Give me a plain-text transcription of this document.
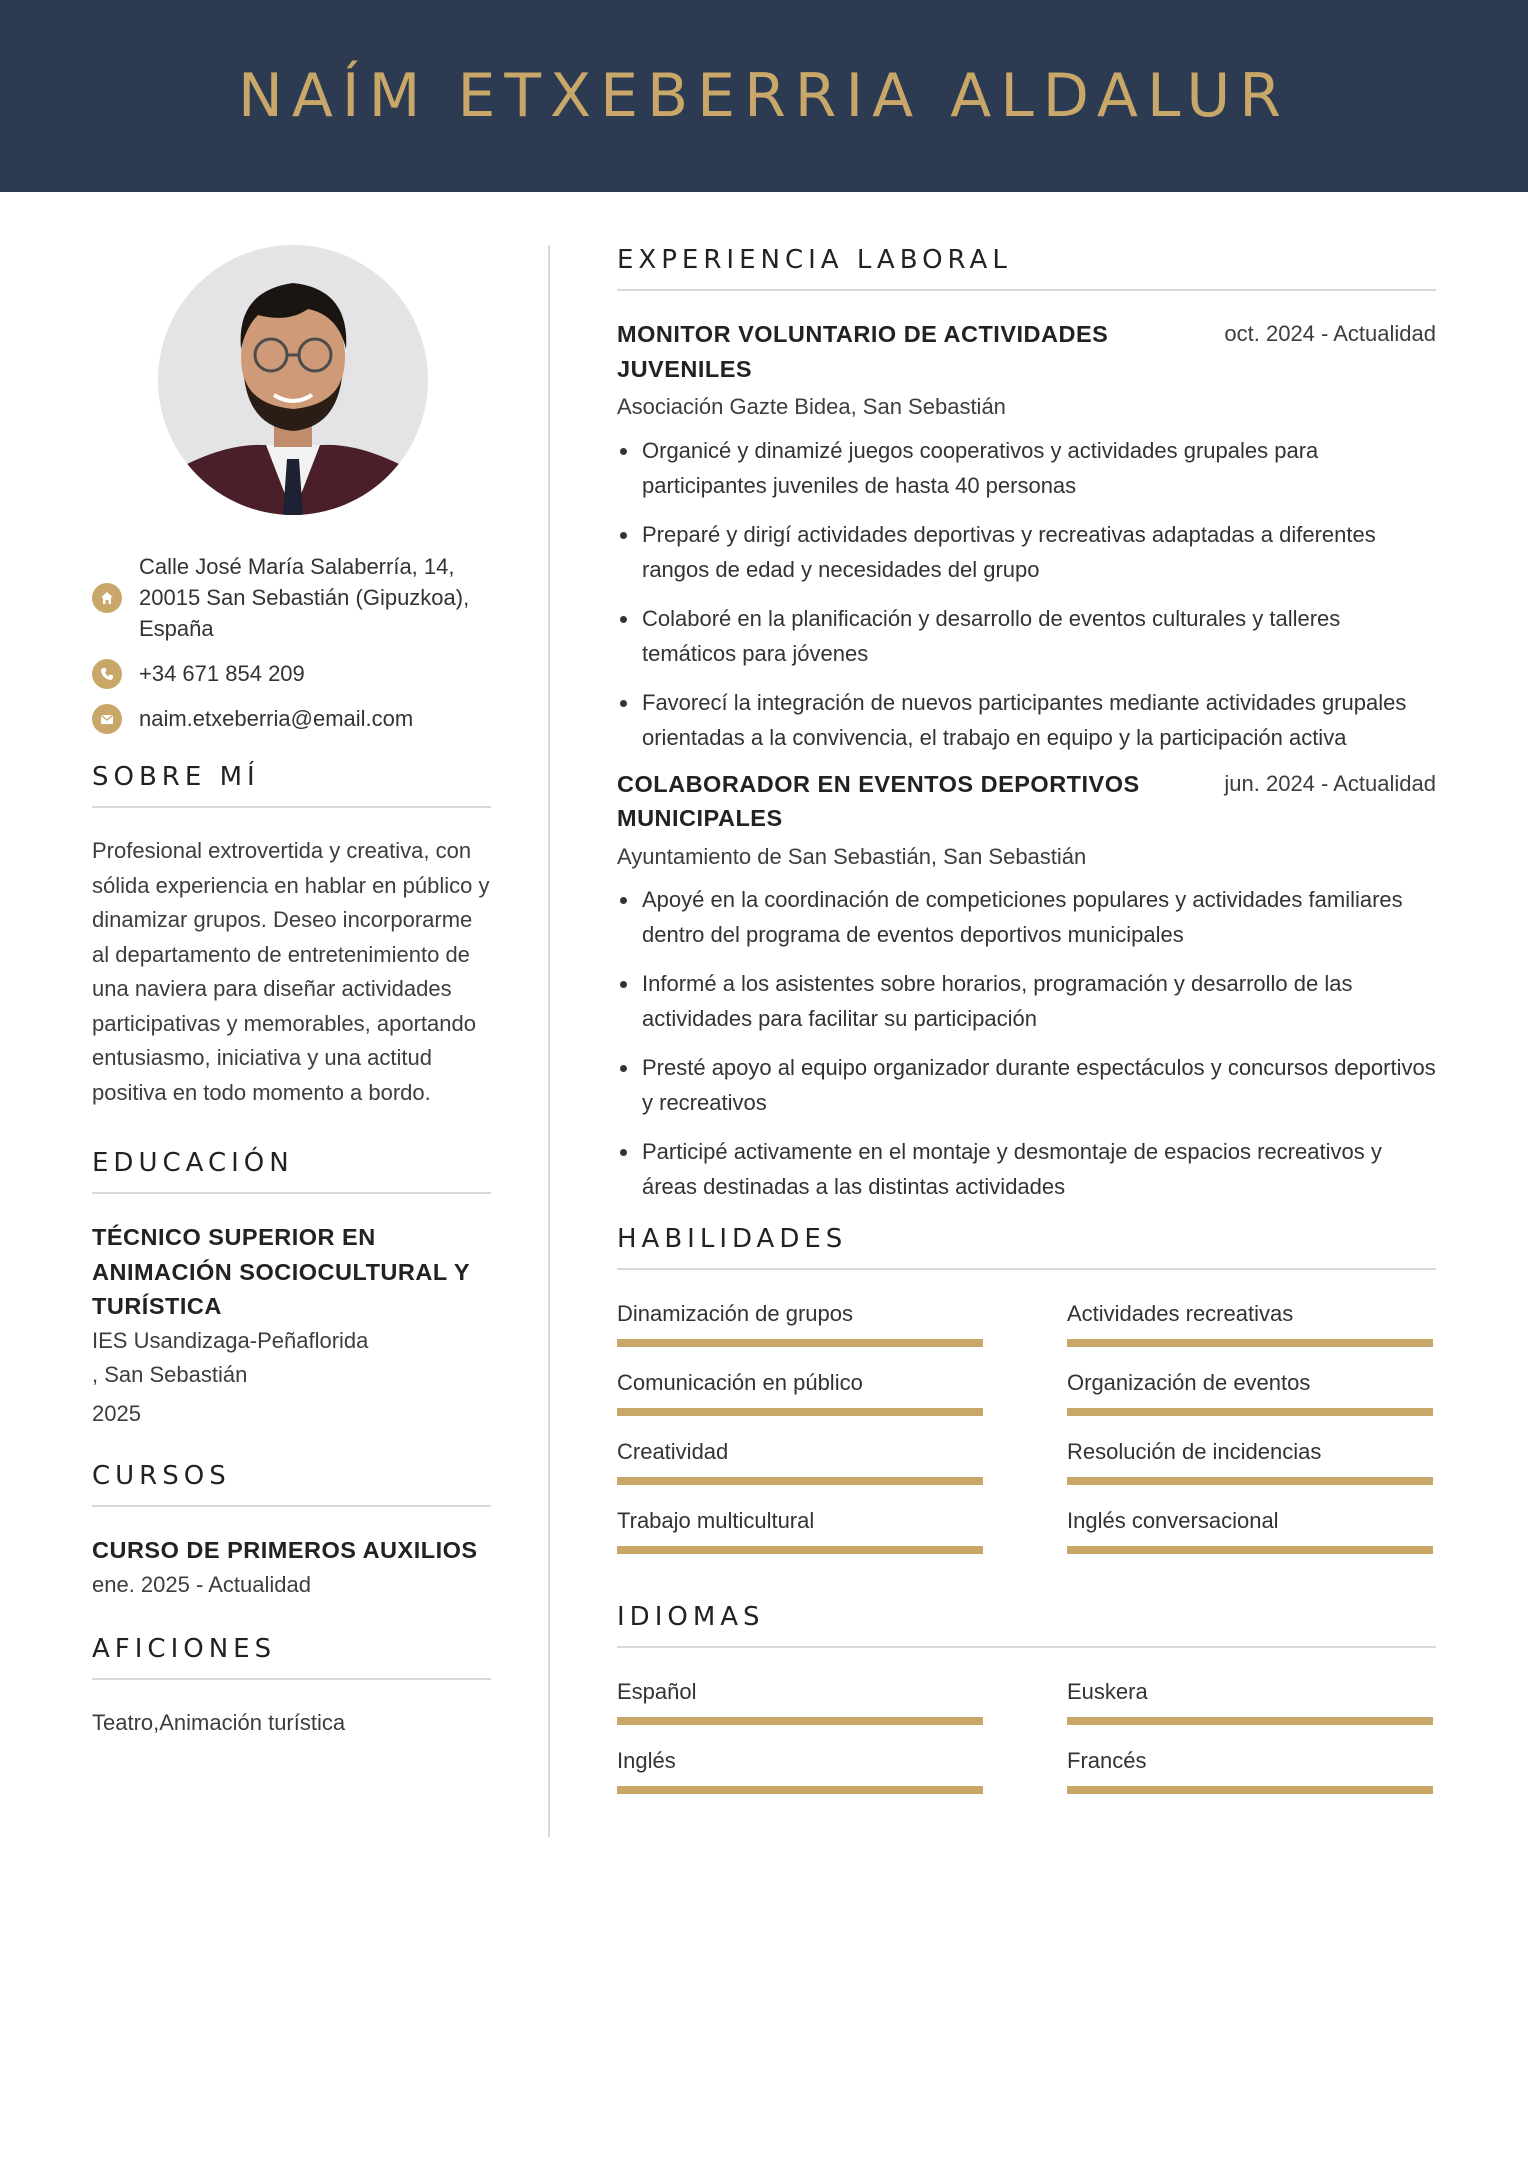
NAÍM ETXEBERRIA ALDALUR
Calle José María Salaberría, 14, 20015 San Sebastián (Gipuzkoa), España
+34 671 854 209
naim.etxeberria@email.com
SOBRE MÍ

Profesional extrovertida y creativa, con sólida experiencia en hablar en público y dinamizar grupos. Deseo incorporarme al departamento de entretenimiento de una naviera para diseñar actividades participativas y memorables, aportando entusiasmo, iniciativa y una actitud positiva en todo momento a bordo.

EDUCACIÓN
TÉCNICO SUPERIOR EN ANIMACIÓN SOCIOCULTURAL Y TURÍSTICA
IES Usandizaga-Peñaflorida
, San Sebastián
2025
CURSOS
CURSO DE PRIMEROS AUXILIOS
ene. 2025 - Actualidad
AFICIONES
Teatro,Animación turística
EXPERIENCIA LABORAL
MONITOR VOLUNTARIO DE ACTIVIDADES JUVENILES
oct. 2024 - Actualidad
Asociación Gazte Bidea, San Sebastián
Organicé y dinamizé juegos cooperativos y actividades grupales para participantes juveniles de hasta 40 personas
Preparé y dirigí actividades deportivas y recreativas adaptadas a diferentes rangos de edad y necesidades del grupo
Colaboré en la planificación y desarrollo de eventos culturales y talleres temáticos para jóvenes
Favorecí la integración de nuevos participantes mediante actividades grupales orientadas a la convivencia, el trabajo en equipo y la participación activa
COLABORADOR EN EVENTOS DEPORTIVOS MUNICIPALES
jun. 2024 - Actualidad
Ayuntamiento de San Sebastián, San Sebastián
Apoyé en la coordinación de competiciones populares y actividades familiares dentro del programa de eventos deportivos municipales
Informé a los asistentes sobre horarios, programación y desarrollo de las actividades para facilitar su participación
Presté apoyo al equipo organizador durante espectáculos y concursos deportivos y recreativos
Participé activamente en el montaje y desmontaje de espacios recreativos y áreas destinadas a las distintas actividades
HABILIDADES
Dinamización de grupos	Actividades recreativas
Comunicación en público	Organización de eventos
Creatividad	Resolución de incidencias
Trabajo multicultural	Inglés conversacional
IDIOMAS
Español	Euskera
Inglés	Francés
